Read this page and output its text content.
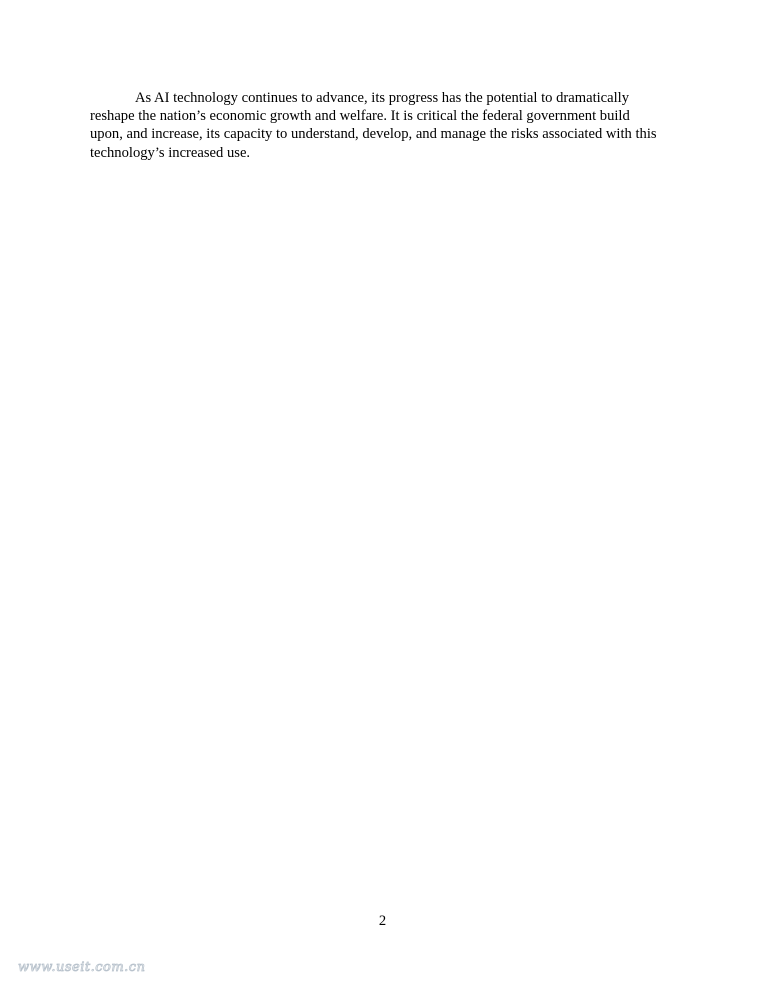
As AI technology continues to advance, its progress has the potential to dramatically
reshape the nation’s economic growth and welfare. It is critical the federal government build
upon, and increase, its capacity to understand, develop, and manage the risks associated with this
technology’s increased use.

2
www.useit.com.cn
